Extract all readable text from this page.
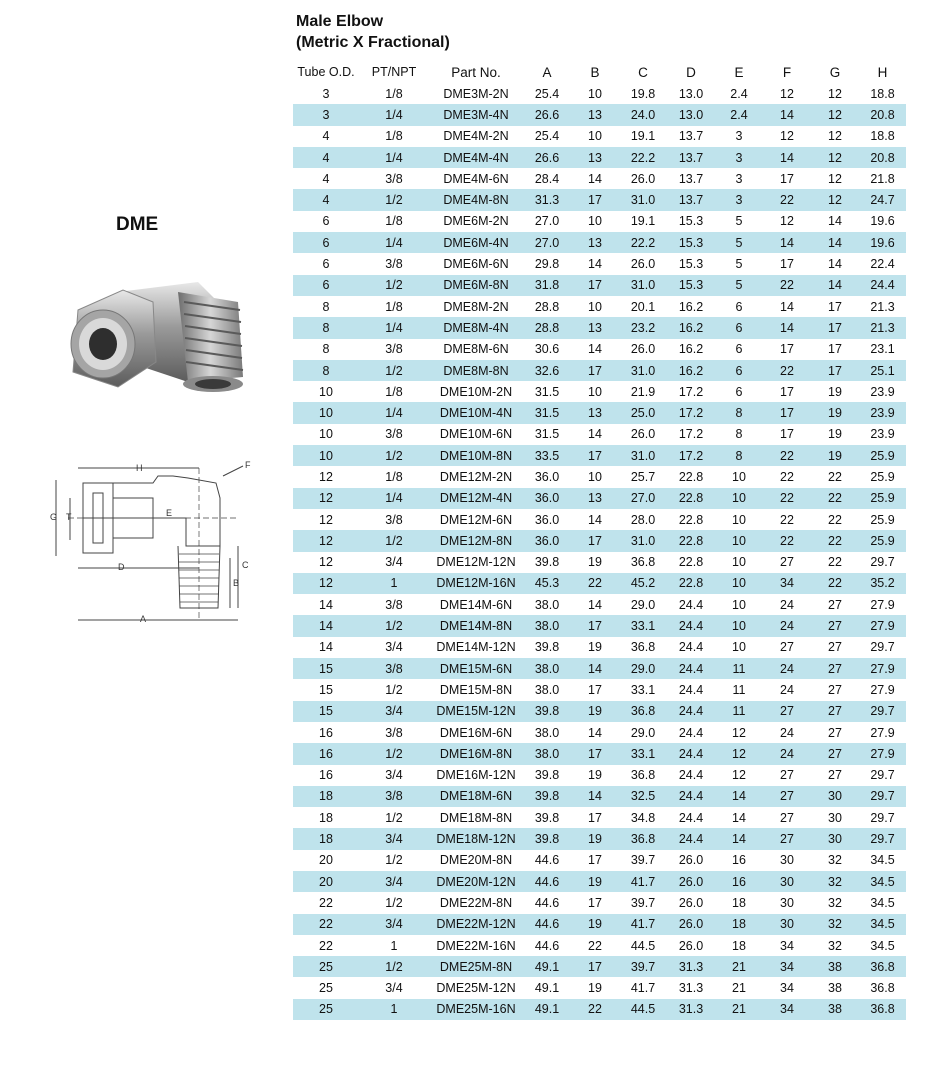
Male Elbow
(Metric X Fractional)
DME
H	F
G T	E
D
A
C
B
Tube O.D.	PT/NPT	Part No.	A	B	C	D	E	F	G	H
3	1/8	DME3M-2N	25.4	10	19.8	13.0	2.4	12	12	18.8
3	1/4	DME3M-4N	26.6	13	24.0	13.0	2.4	14	12	20.8
4	1/8	DME4M-2N	25.4	10	19.1	13.7	3	12	12	18.8
4	1/4	DME4M-4N	26.6	13	22.2	13.7	3	14	12	20.8
4	3/8	DME4M-6N	28.4	14	26.0	13.7	3	17	12	21.8
4	1/2	DME4M-8N	31.3	17	31.0	13.7	3	22	12	24.7
6	1/8	DME6M-2N	27.0	10	19.1	15.3	5	12	14	19.6
6	1/4	DME6M-4N	27.0	13	22.2	15.3	5	14	14	19.6
6	3/8	DME6M-6N	29.8	14	26.0	15.3	5	17	14	22.4
6	1/2	DME6M-8N	31.8	17	31.0	15.3	5	22	14	24.4
8	1/8	DME8M-2N	28.8	10	20.1	16.2	6	14	17	21.3
8	1/4	DME8M-4N	28.8	13	23.2	16.2	6	14	17	21.3
8	3/8	DME8M-6N	30.6	14	26.0	16.2	6	17	17	23.1
8	1/2	DME8M-8N	32.6	17	31.0	16.2	6	22	17	25.1
10	1/8	DME10M-2N	31.5	10	21.9	17.2	6	17	19	23.9
10	1/4	DME10M-4N	31.5	13	25.0	17.2	8	17	19	23.9
10	3/8	DME10M-6N	31.5	14	26.0	17.2	8	17	19	23.9
10	1/2	DME10M-8N	33.5	17	31.0	17.2	8	22	19	25.9
12	1/8	DME12M-2N	36.0	10	25.7	22.8	10	22	22	25.9
12	1/4	DME12M-4N	36.0	13	27.0	22.8	10	22	22	25.9
12	3/8	DME12M-6N	36.0	14	28.0	22.8	10	22	22	25.9
12	1/2	DME12M-8N	36.0	17	31.0	22.8	10	22	22	25.9
12	3/4	DME12M-12N	39.8	19	36.8	22.8	10	27	22	29.7
12	1	DME12M-16N	45.3	22	45.2	22.8	10	34	22	35.2
14	3/8	DME14M-6N	38.0	14	29.0	24.4	10	24	27	27.9
14	1/2	DME14M-8N	38.0	17	33.1	24.4	10	24	27	27.9
14	3/4	DME14M-12N	39.8	19	36.8	24.4	10	27	27	29.7
15	3/8	DME15M-6N	38.0	14	29.0	24.4	11	24	27	27.9
15	1/2	DME15M-8N	38.0	17	33.1	24.4	11	24	27	27.9
15	3/4	DME15M-12N	39.8	19	36.8	24.4	11	27	27	29.7
16	3/8	DME16M-6N	38.0	14	29.0	24.4	12	24	27	27.9
16	1/2	DME16M-8N	38.0	17	33.1	24.4	12	24	27	27.9
16	3/4	DME16M-12N	39.8	19	36.8	24.4	12	27	27	29.7
18	3/8	DME18M-6N	39.8	14	32.5	24.4	14	27	30	29.7
18	1/2	DME18M-8N	39.8	17	34.8	24.4	14	27	30	29.7
18	3/4	DME18M-12N	39.8	19	36.8	24.4	14	27	30	29.7
20	1/2	DME20M-8N	44.6	17	39.7	26.0	16	30	32	34.5
20	3/4	DME20M-12N	44.6	19	41.7	26.0	16	30	32	34.5
22	1/2	DME22M-8N	44.6	17	39.7	26.0	18	30	32	34.5
22	3/4	DME22M-12N	44.6	19	41.7	26.0	18	30	32	34.5
22	1	DME22M-16N	44.6	22	44.5	26.0	18	34	32	34.5
25	1/2	DME25M-8N	49.1	17	39.7	31.3	21	34	38	36.8
25	3/4	DME25M-12N	49.1	19	41.7	31.3	21	34	38	36.8
25	1	DME25M-16N	49.1	22	44.5	31.3	21	34	38	36.8
